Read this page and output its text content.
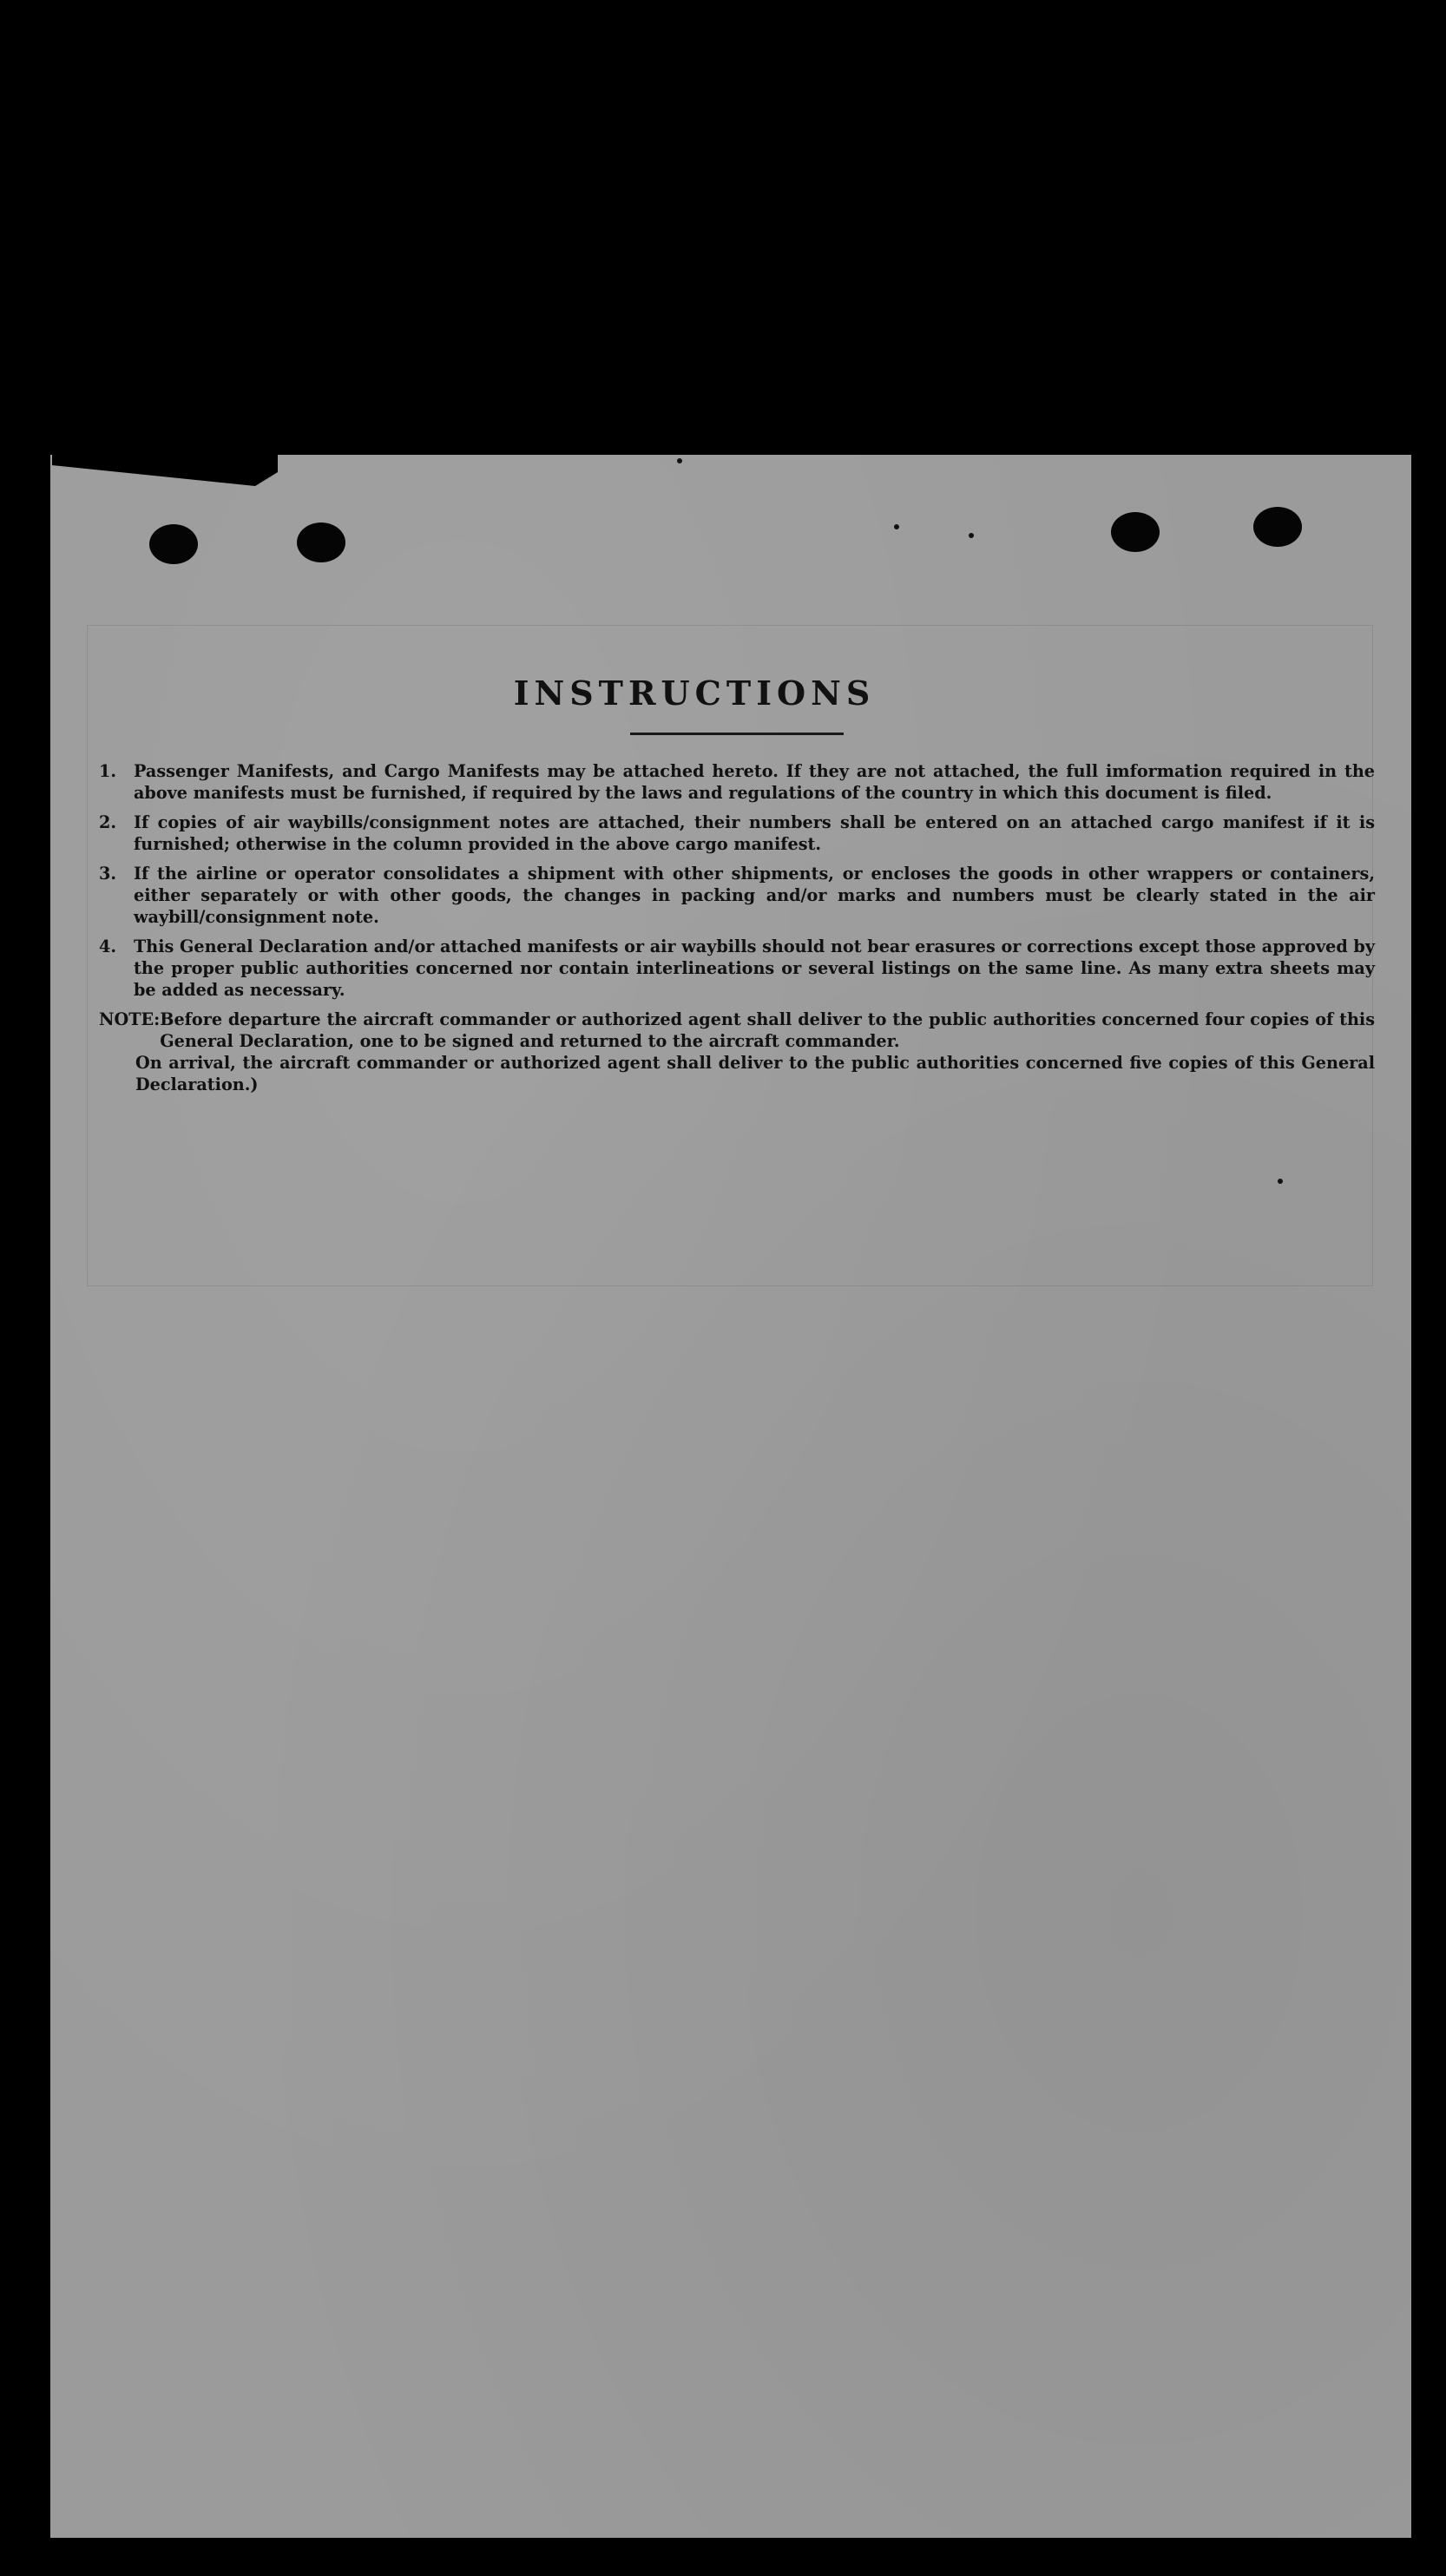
INSTRUCTIONS
1.	Passenger Manifests, and Cargo Manifests may be attached hereto. If they are not attached, the full imformation required in the above manifests must be furnished, if required by the laws and regulations of the country in which this document is filed.
2.	If copies of air waybills/consignment notes are attached, their numbers shall be entered on an attached cargo manifest if it is furnished; otherwise in the column provided in the above cargo manifest.
3.	If the airline or operator consolidates a shipment with other shipments, or encloses the goods in other wrappers or containers, either separately or with other goods, the changes in packing and/or marks and numbers must be clearly stated in the air waybill/consignment note.
4.	This General Declaration and/or attached manifests or air waybills should not bear erasures or corrections except those approved by the proper public authorities concerned nor contain interlineations or several listings on the same line. As many extra sheets may be added as necessary.
NOTE: Before departure the aircraft commander or authorized agent shall deliver to the public authorities concerned four copies of this General Declaration, one to be signed and returned to the aircraft commander.

On arrival, the aircraft commander or authorized agent shall deliver to the public authorities concerned five copies of this General Declaration.)
